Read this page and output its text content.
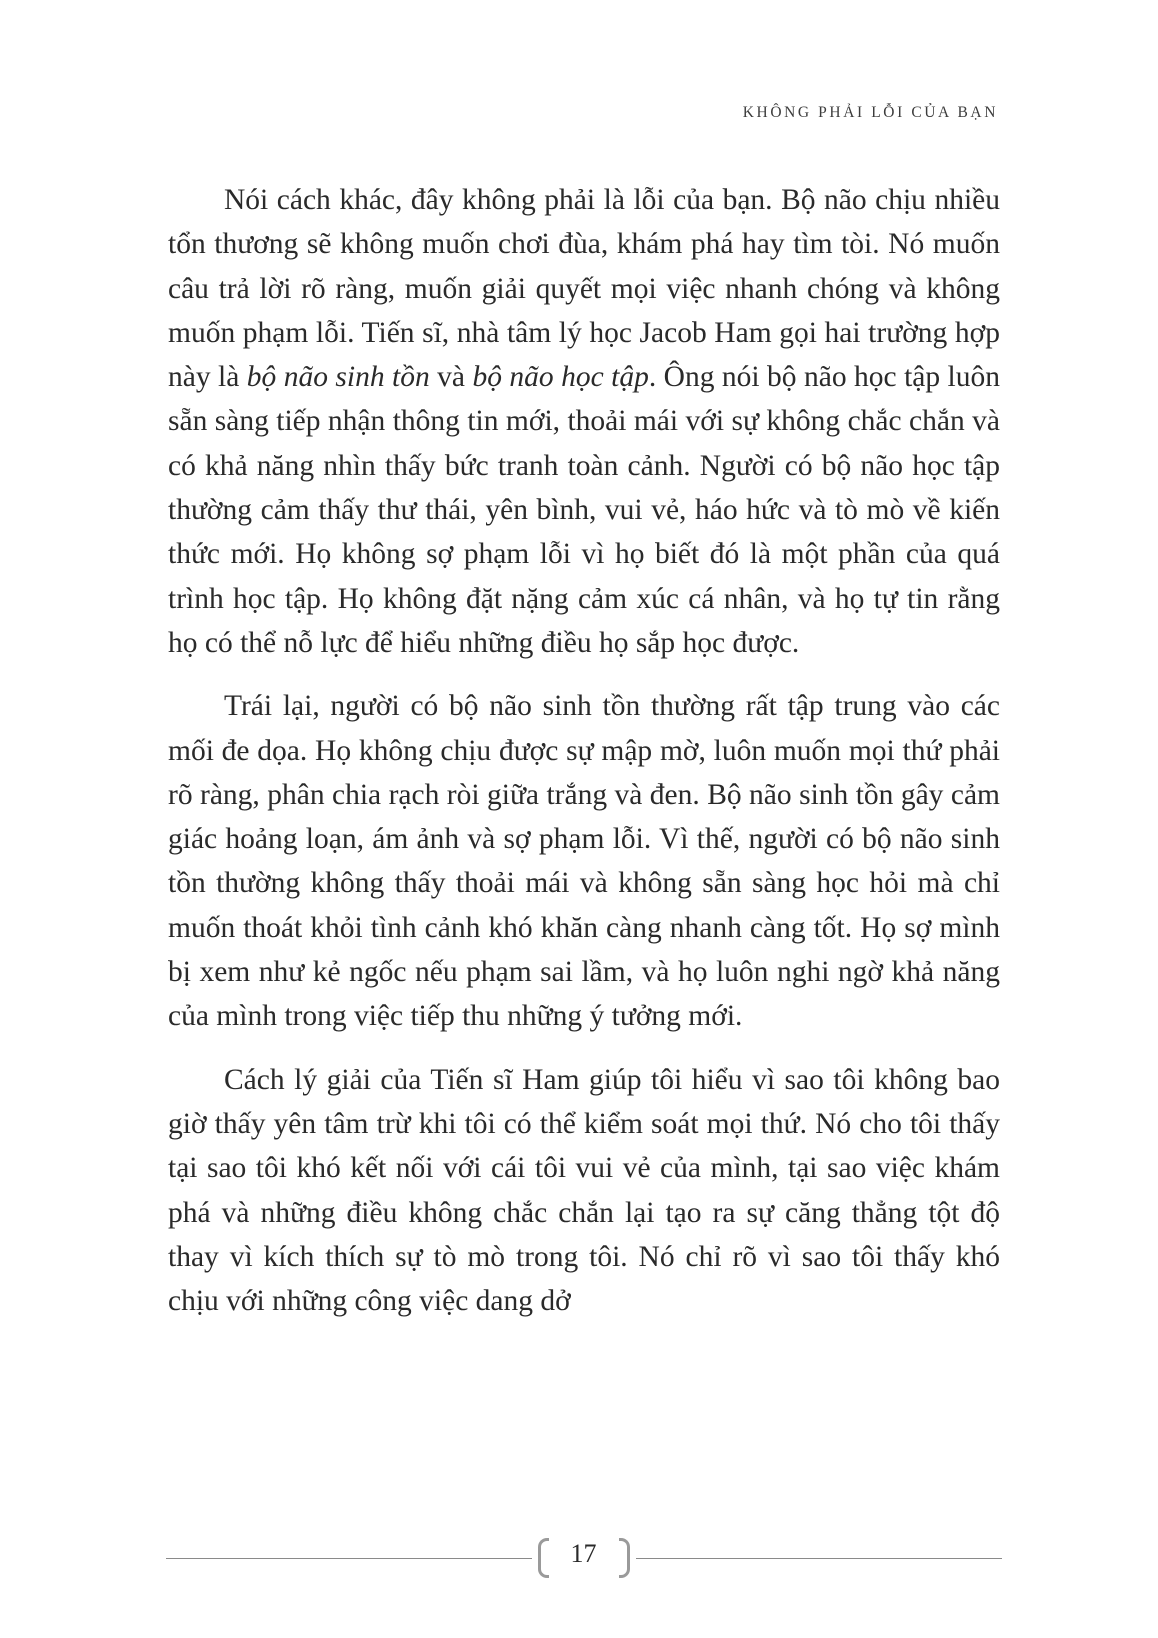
KHÔNG PHẢI LỖI CỦA BẠN

Nói cách khác, đây không phải là lỗi của bạn. Bộ não chịu nhiều tổn thương sẽ không muốn chơi đùa, khám phá hay tìm tòi. Nó muốn câu trả lời rõ ràng, muốn giải quyết mọi việc nhanh chóng và không muốn phạm lỗi. Tiến sĩ, nhà tâm lý học Jacob Ham gọi hai trường hợp này là bộ não sinh tồn và bộ não học tập. Ông nói bộ não học tập luôn sẵn sàng tiếp nhận thông tin mới, thoải mái với sự không chắc chắn và có khả năng nhìn thấy bức tranh toàn cảnh. Người có bộ não học tập thường cảm thấy thư thái, yên bình, vui vẻ, háo hức và tò mò về kiến thức mới. Họ không sợ phạm lỗi vì họ biết đó là một phần của quá trình học tập. Họ không đặt nặng cảm xúc cá nhân, và họ tự tin rằng họ có thể nỗ lực để hiểu những điều họ sắp học được.

Trái lại, người có bộ não sinh tồn thường rất tập trung vào các mối đe dọa. Họ không chịu được sự mập mờ, luôn muốn mọi thứ phải rõ ràng, phân chia rạch ròi giữa trắng và đen. Bộ não sinh tồn gây cảm giác hoảng loạn, ám ảnh và sợ phạm lỗi. Vì thế, người có bộ não sinh tồn thường không thấy thoải mái và không sẵn sàng học hỏi mà chỉ muốn thoát khỏi tình cảnh khó khăn càng nhanh càng tốt. Họ sợ mình bị xem như kẻ ngốc nếu phạm sai lầm, và họ luôn nghi ngờ khả năng của mình trong việc tiếp thu những ý tưởng mới.

Cách lý giải của Tiến sĩ Ham giúp tôi hiểu vì sao tôi không bao giờ thấy yên tâm trừ khi tôi có thể kiểm soát mọi thứ. Nó cho tôi thấy tại sao tôi khó kết nối với cái tôi vui vẻ của mình, tại sao việc khám phá và những điều không chắc chắn lại tạo ra sự căng thẳng tột độ thay vì kích thích sự tò mò trong tôi. Nó chỉ rõ vì sao tôi thấy khó chịu với những công việc dang dở

17
